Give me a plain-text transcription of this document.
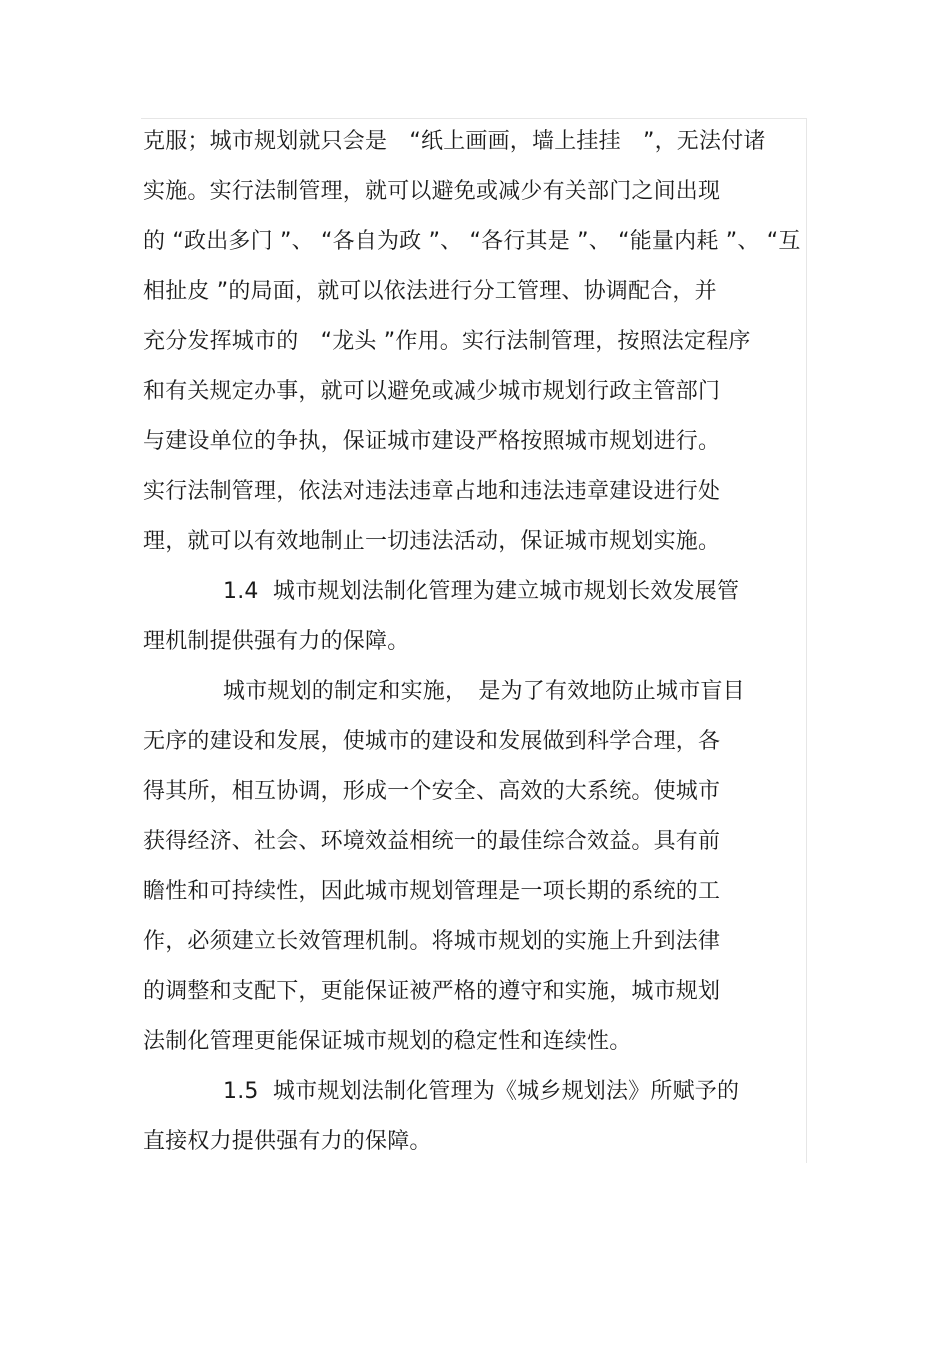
克服；城市规划就只会是　“纸上画画，墙上挂挂　”，无法付诸
实施。实行法制管理，就可以避免或减少有关部门之间出现
的 “政出多门 ”、 “各自为政 ”、 “各行其是 ”、 “能量内耗 ”、 “互
相扯皮 ”的局面，就可以依法进行分工管理、协调配合，并
充分发挥城市的　“龙头 ”作用。实行法制管理，按照法定程序
和有关规定办事，就可以避免或减少城市规划行政主管部门
与建设单位的争执，保证城市建设严格按照城市规划进行。
实行法制管理，依法对违法违章占地和违法违章建设进行处
理，就可以有效地制止一切违法活动，保证城市规划实施。
1.4  城市规划法制化管理为建立城市规划长效发展管
理机制提供强有力的保障。
城市规划的制定和实施，　是为了有效地防止城市盲目
无序的建设和发展，使城市的建设和发展做到科学合理，各
得其所，相互协调，形成一个安全、高效的大系统。使城市
获得经济、社会、环境效益相统一的最佳综合效益。具有前
瞻性和可持续性，因此城市规划管理是一项长期的系统的工
作，必须建立长效管理机制。将城市规划的实施上升到法律
的调整和支配下，更能保证被严格的遵守和实施，城市规划
法制化管理更能保证城市规划的稳定性和连续性。
1.5  城市规划法制化管理为《城乡规划法》所赋予的
直接权力提供强有力的保障。
